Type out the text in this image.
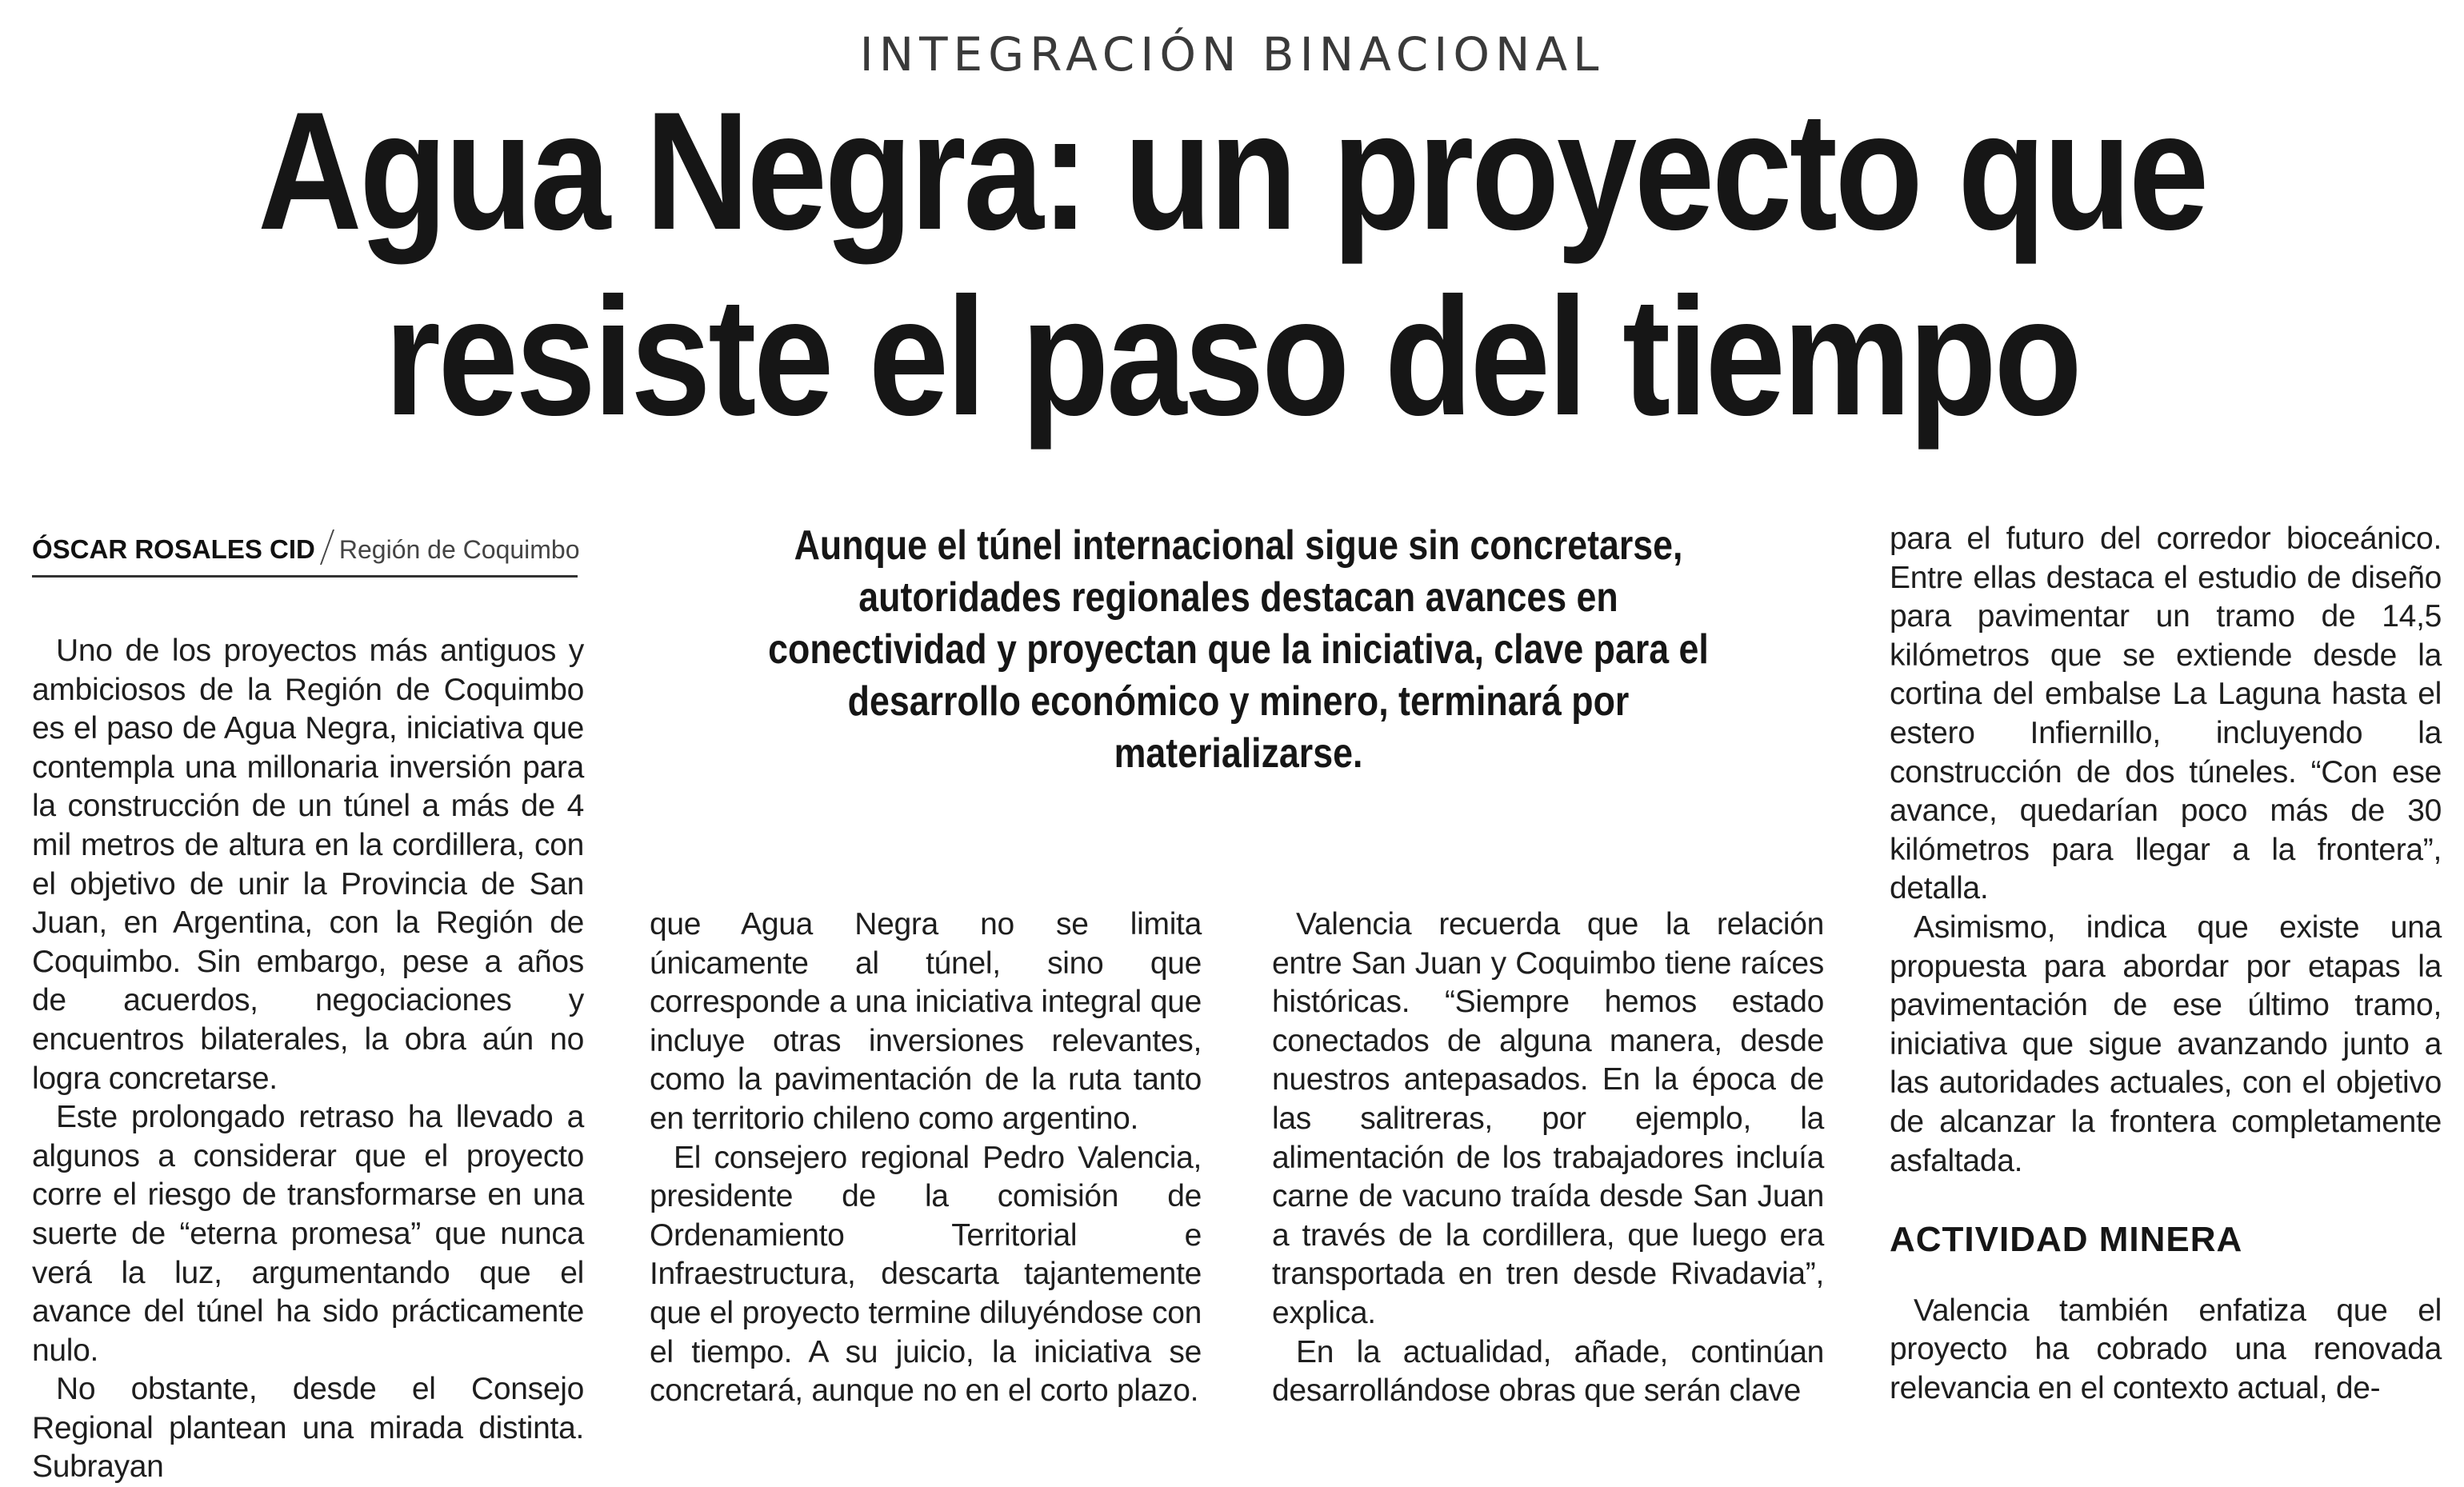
INTEGRACIÓN BINACIONAL
Agua Negra: un proyecto que
resiste el paso del tiempo
ÓSCAR ROSALES CID Región de Coquimbo	Aunque el túnel internacional sigue sin concretarse, autoridades regionales destacan avances en conectividad y proyectan que la iniciativa, clave para el desarrollo económico y minero, terminará por materializarse.

Uno de los proyectos más antiguos y ambiciosos de la Región de Coquimbo es el paso de Agua Negra, iniciativa que contempla una millonaria inversión para la construcción de un túnel a más de 4 mil metros de altura en la cordillera, con el objetivo de unir la Provincia de San Juan, en Argentina, con la Región de Coquimbo. Sin embargo, pese a años de acuerdos, negociaciones y encuentros bilaterales, la obra aún no logra concretarse.

Este prolongado retraso ha llevado a algunos a considerar que el proyecto corre el riesgo de transformarse en una suerte de “eterna promesa” que nunca verá la luz, argumentando que el avance del túnel ha sido prácticamente nulo.

No obstante, desde el Consejo Regional plantean una mirada distinta. Subrayan

que Agua Negra no se limita únicamente al túnel, sino que corresponde a una iniciativa integral que incluye otras inversiones relevantes, como la pavimentación de la ruta tanto en territorio chileno como argentino.

El consejero regional Pedro Valencia, presidente de la comisión de Ordenamiento Territorial e Infraestructura, descarta tajantemente que el proyecto termine diluyéndose con el tiempo. A su juicio, la iniciativa se concretará, aunque no en el corto plazo.

Valencia recuerda que la relación entre San Juan y Coquimbo tiene raíces históricas. “Siempre hemos estado conectados de alguna manera, desde nuestros antepasados. En la época de las salitreras, por ejemplo, la alimentación de los trabajadores incluía carne de vacuno traída desde San Juan a través de la cordillera, que luego era transportada en tren desde Rivadavia”, explica.

En la actualidad, añade, continúan desarrollándose obras que serán clave

para el futuro del corredor bioceánico. Entre ellas destaca el estudio de diseño para pavimentar un tramo de 14,5 kilómetros que se extiende desde la cortina del embalse La Laguna hasta el estero Infiernillo, incluyendo la construcción de dos túneles. “Con ese avance, quedarían poco más de 30 kilómetros para llegar a la frontera”, detalla.

Asimismo, indica que existe una propuesta para abordar por etapas la pavimentación de ese último tramo, iniciativa que sigue avanzando junto a las autoridades actuales, con el objetivo de alcanzar la frontera completamente asfaltada.

ACTIVIDAD MINERA

Valencia también enfatiza que el proyecto ha cobrado una renovada relevancia en el contexto actual, de-
